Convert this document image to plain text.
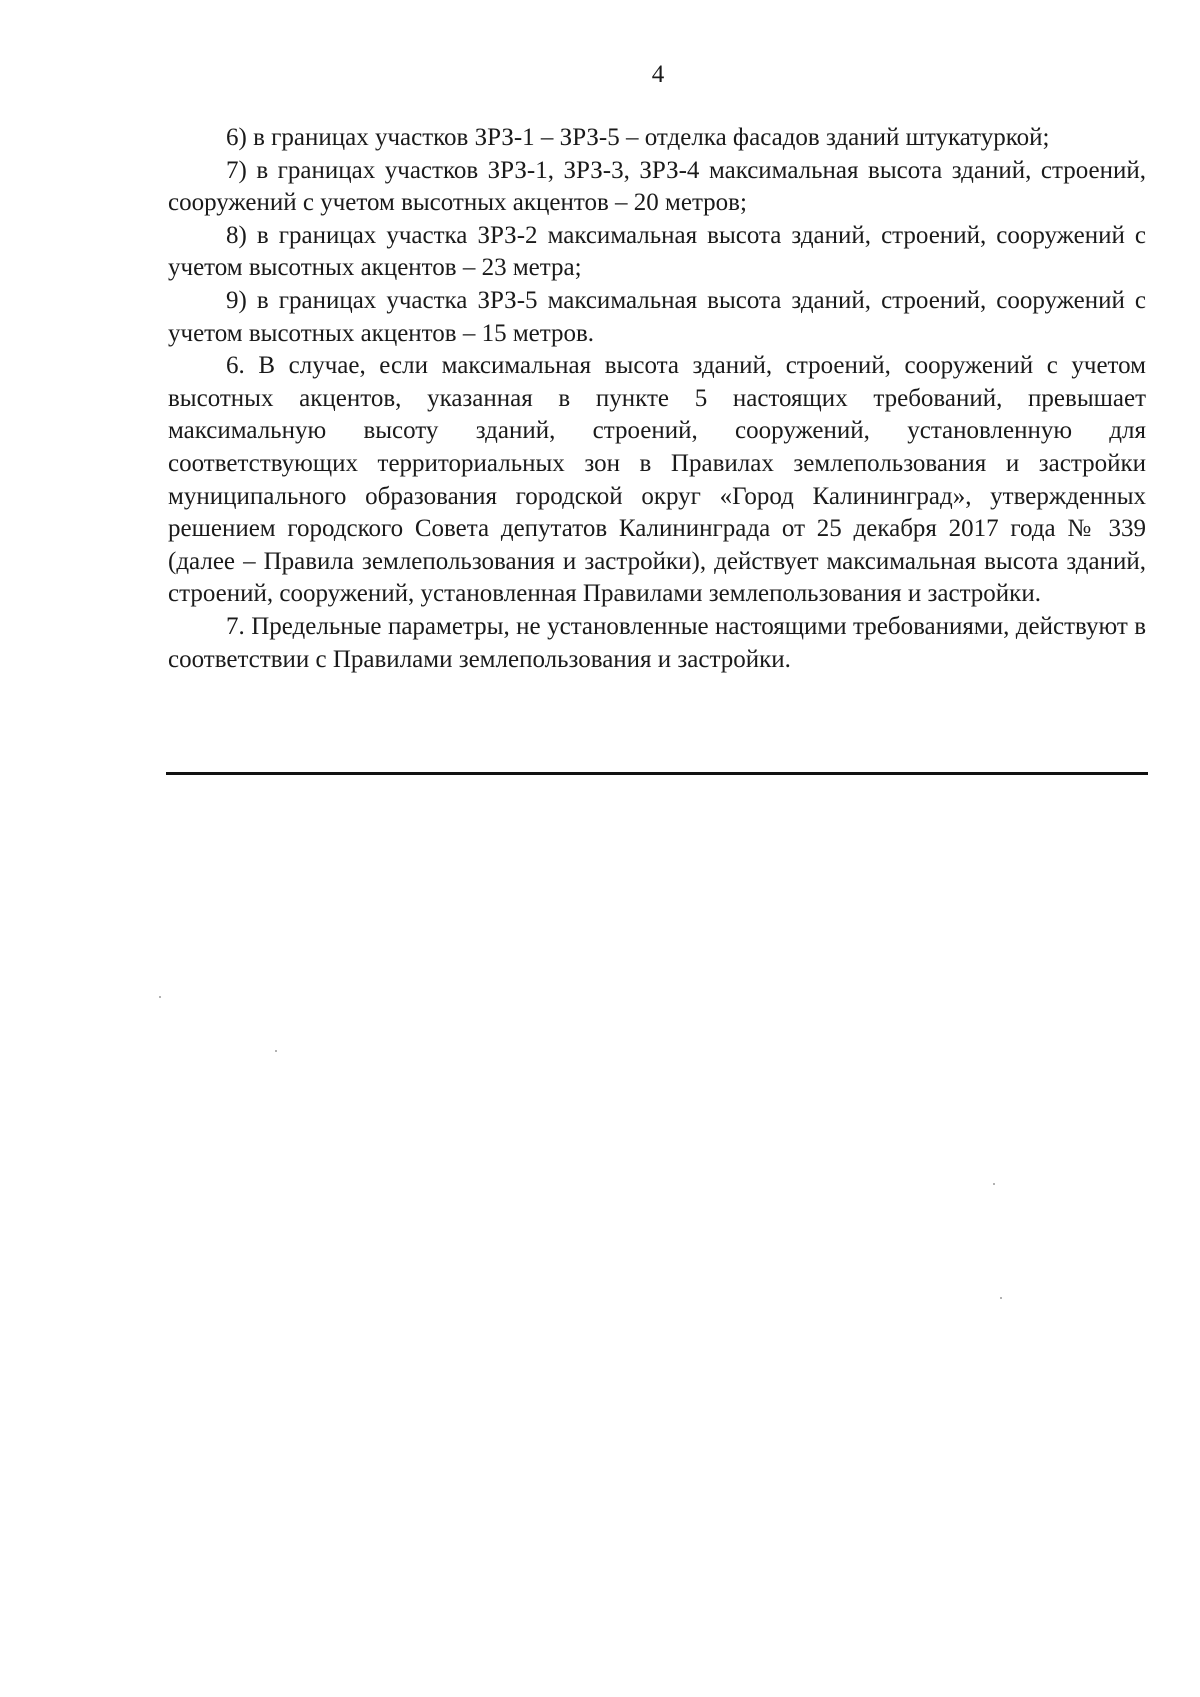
4

6) в границах участков ЗРЗ-1 – ЗРЗ-5 – отделка фасадов зданий штукатуркой;

7) в границах участков ЗРЗ-1, ЗРЗ-3, ЗРЗ-4 максимальная высота зданий, строений, сооружений с учетом высотных акцентов – 20 метров;

8) в границах участка ЗРЗ-2 максимальная высота зданий, строений, сооружений с учетом высотных акцентов – 23 метра;

9) в границах участка ЗРЗ-5 максимальная высота зданий, строений, сооружений с учетом высотных акцентов – 15 метров.

6. В случае, если максимальная высота зданий, строений, сооружений с учетом высотных акцентов, указанная в пункте 5 настоящих требований, превышает максимальную высоту зданий, строений, сооружений, установленную для соответствующих территориальных зон в Правилах землепользования и застройки муниципального образования городской округ «Город Калининград», утвержденных решением городского Совета депутатов Калининграда от 25 декабря 2017 года № 339 (далее – Правила землепользования и застройки), действует максимальная высота зданий, строений, сооружений, установленная Правилами землепользования и застройки.

7. Предельные параметры, не установленные настоящими требованиями, действуют в соответствии с Правилами землепользования и застройки.
